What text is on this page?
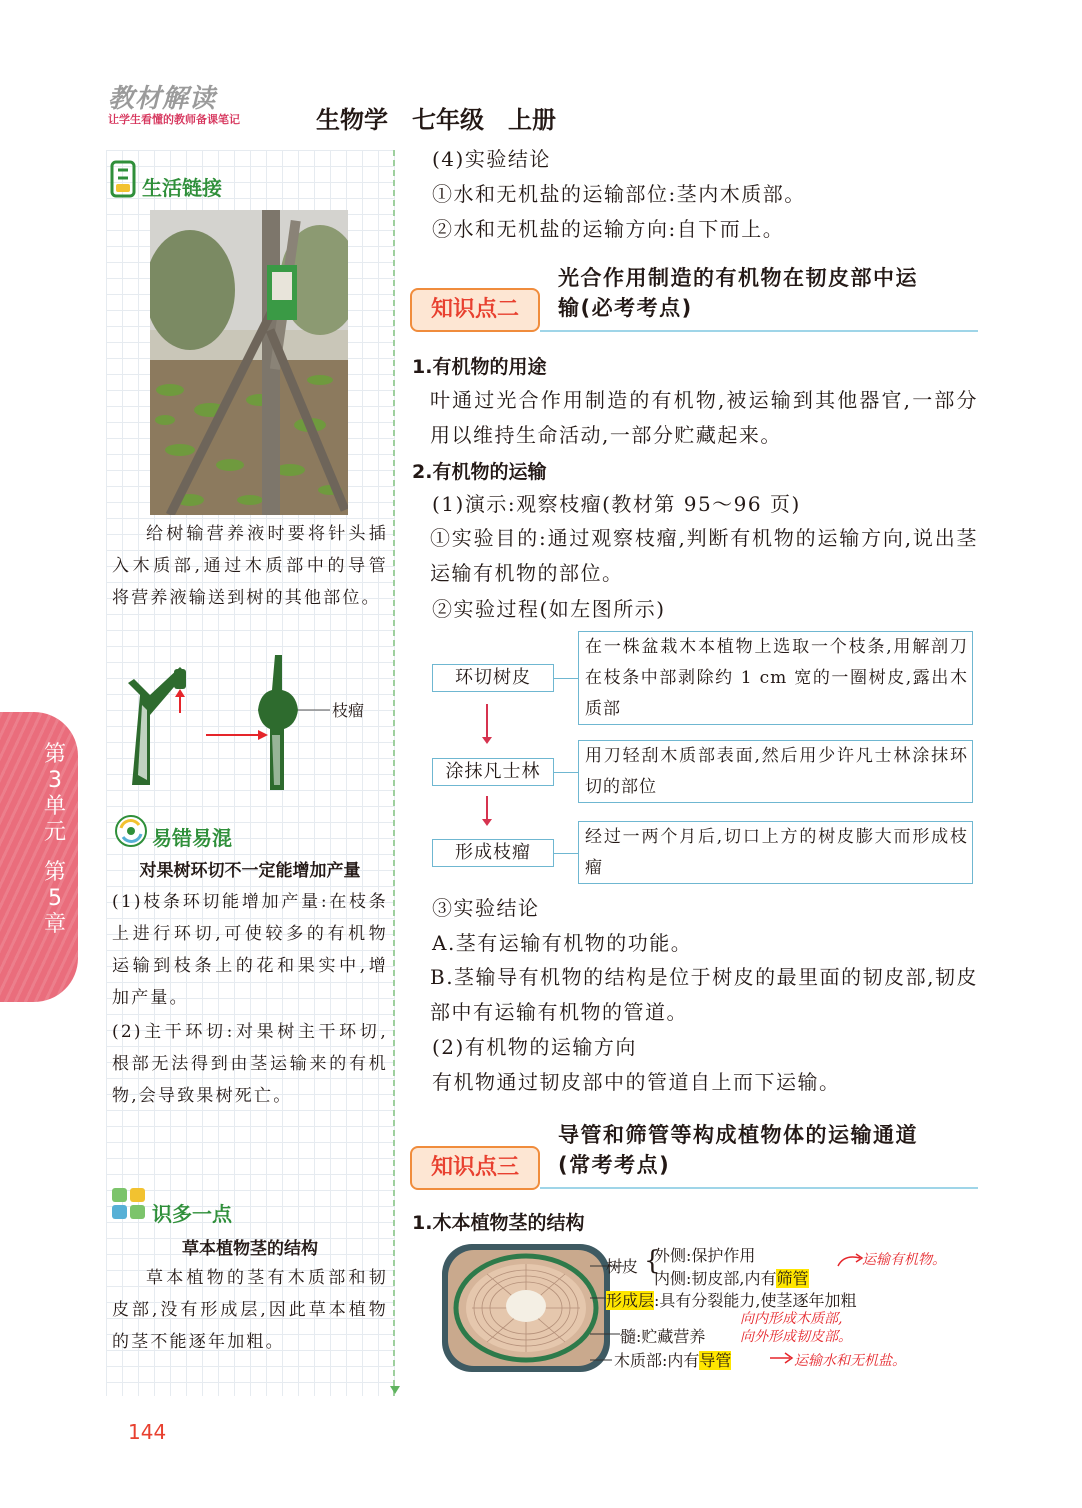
教材解读
让学生看懂的教师备课笔记	生物学　七年级　上册
生活链接
给树输营养液时要将针头插入木质部,通过木质部中的导管将营养液输送到树的其他部位。
枝瘤
易错易混
对果树环切不一定能增加产量
(1)枝条环切能增加产量:在枝条上进行环切,可使较多的有机物运输到枝条上的花和果实中,增加产量。
(2)主干环切:对果树主干环切,根部无法得到由茎运输来的有机物,会导致果树死亡。
识多一点
草本植物茎的结构
草本植物的茎有木质部和韧皮部,没有形成层,因此草本植物的茎不能逐年加粗。
第
3
单
元
第
5
章
(4)实验结论
①水和无机盐的运输部位:茎内木质部。
②水和无机盐的运输方向:自下而上。
知识点二
光合作用制造的有机物在韧皮部中运
输(必考考点)
1.有机物的用途
叶通过光合作用制造的有机物,被运输到其他器官,一部分用以维持生命活动,一部分贮藏起来。
2.有机物的运输
(1)演示:观察枝瘤(教材第 95～96 页)
①实验目的:通过观察枝瘤,判断有机物的运输方向,说出茎运输有机物的部位。
②实验过程(如左图所示)
环切树皮
在一株盆栽木本植物上选取一个枝条,用解剖刀在枝条中部剥除约 1 cm 宽的一圈树皮,露出木质部
涂抹凡士林
用刀轻刮木质部表面,然后用少许凡士林涂抹环切的部位
形成枝瘤
经过一两个月后,切口上方的树皮膨大而形成枝瘤
③实验结论
A.茎有运输有机物的功能。
B.茎输导有机物的结构是位于树皮的最里面的韧皮部,韧皮部中有运输有机物的管道。
(2)有机物的运输方向
有机物通过韧皮部中的管道自上而下运输。
知识点三
导管和筛管等构成植物体的运输通道
(常考考点)
1.木本植物茎的结构
树皮 {
外侧:保护作用
内侧:韧皮部,内有筛管
形成层:具有分裂能力,使茎逐年加粗
髓:贮藏营养
木质部:内有导管
运输有机物。
向内形成木质部,
向外形成韧皮部。
运输水和无机盐。
144
